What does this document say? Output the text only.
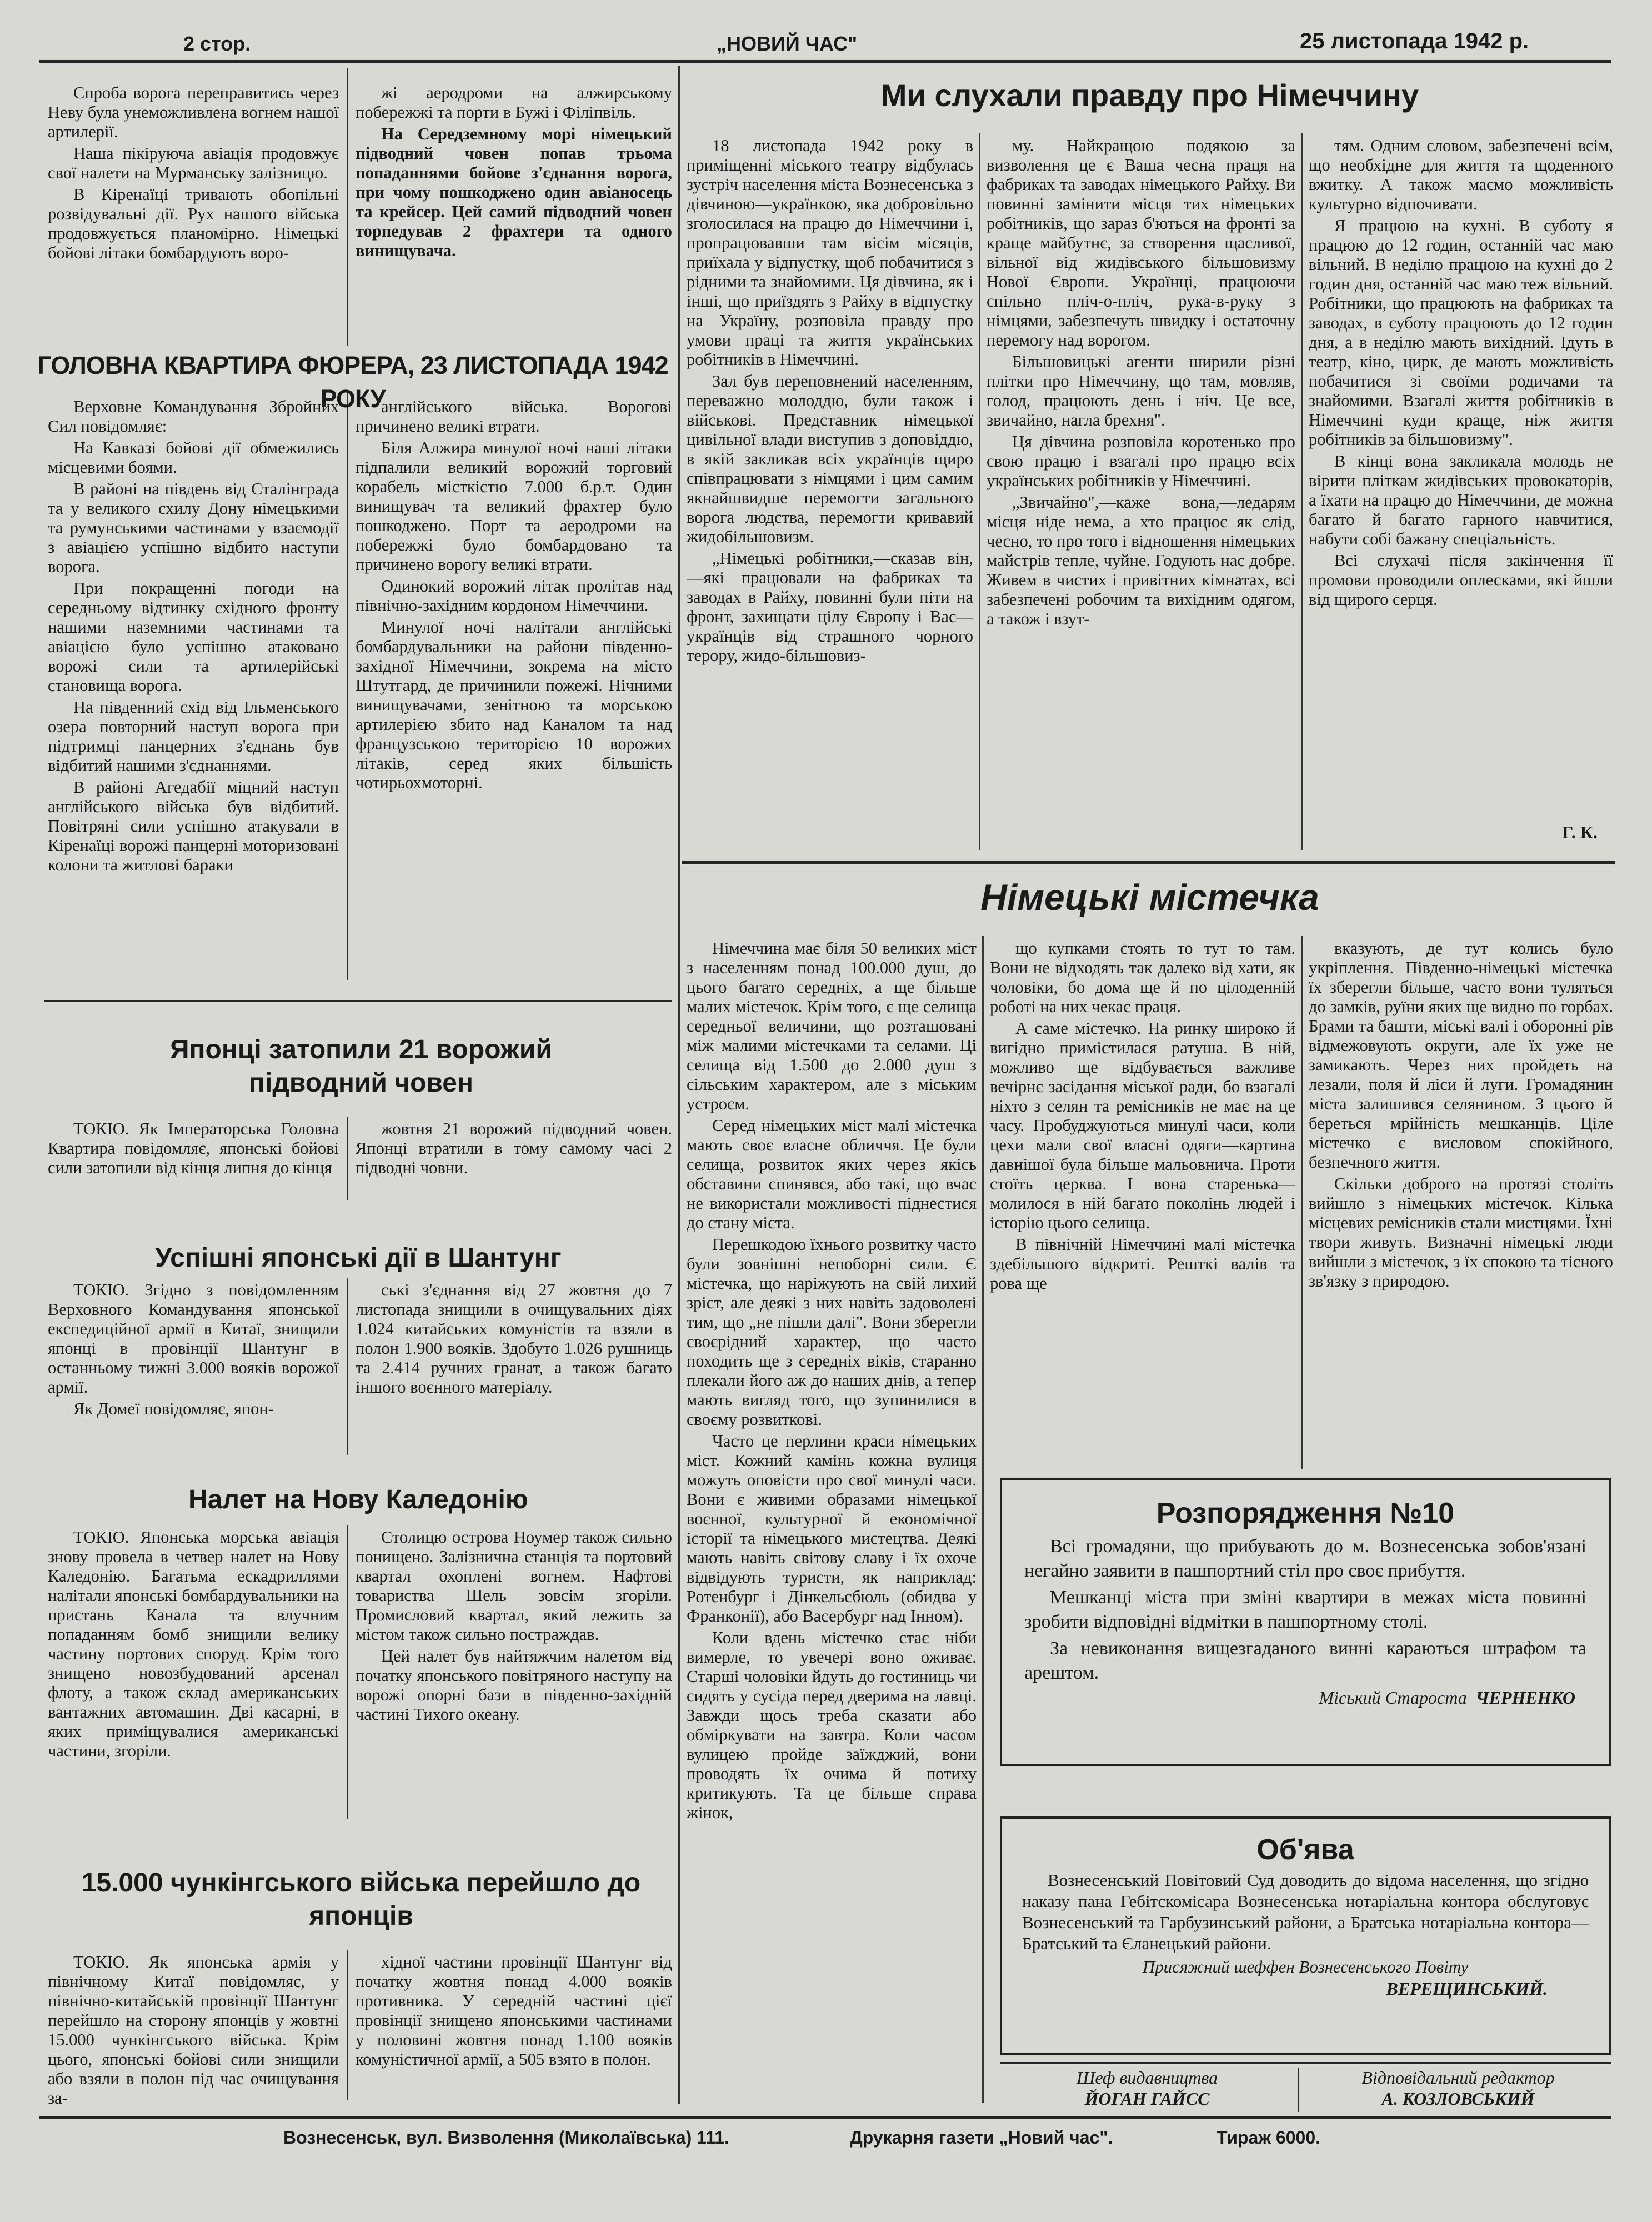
2 стор.	„НОВИЙ ЧАС"	25 листопада 1942 р.

Спроба ворога переправитись через Неву була унеможливлена вогнем нашої артилерії.

Наша пікіруюча авіація продовжує свої налети на Мурманську залізницю.

В Кіренаїці тривають обопільні розвідувальні дії. Рух нашого війська продовжується планомірно. Німецькі бойові літаки бомбардують воро-

жі аеродроми на алжирському побережжі та порти в Бужі і Філіпвіль.

На Середземному морі німецький підводний човен попав трьома попаданнями бойове з'єднання ворога, при чому пошкоджено один авіаносець та крейсер. Цей самий підводний човен торпедував 2 фрахтери та одного винищувача.

ГОЛОВНА КВАРТИРА ФЮРЕРА, 23 ЛИСТОПАДА 1942 РОКУ

Верховне Командування Збройних Сил повідомляє:

На Кавказі бойові дії обмежились місцевими боями.

В районі на південь від Сталінграда та у великого схилу Дону німецькими та румунськими частинами у взаємодії з авіацією успішно відбито наступи ворога.

При покращенні погоди на середньому відтинку східного фронту нашими наземними частинами та авіацією було успішно атаковано ворожі сили та артилерійські становища ворога.

На південний схід від Ільменського озера повторний наступ ворога при підтримці панцерних з'єднань був відбитий нашими з'єднаннями.

В районі Агедабії міцний наступ англійського війська був відбитий. Повітряні сили успішно атакували в Кіренаїці ворожі панцерні моторизовані колони та житлові бараки

англійського війська. Ворогові причинено великі втрати.

Біля Алжира минулої ночі наші літаки підпалили великий ворожий торговий корабель місткістю 7.000 б.р.т. Один винищувач та великий фрахтер було пошкоджено. Порт та аеродроми на побережжі було бомбардовано та причинено ворогу великі втрати.

Одинокий ворожий літак пролітав над північно-західним кордоном Німеччини.

Минулої ночі налітали англійські бомбардувальники на райони південно-західної Німеччини, зокрема на місто Штутгард, де причинили пожежі. Нічними винищувачами, зенітною та морською артилерією збито над Каналом та над французською територією 10 ворожих літаків, серед яких більшість чотирьохмоторні.

Японці затопили 21 ворожий підводний човен

ТОКІО. Як Імператорська Головна Квартира повідомляє, японські бойові сили затопили від кінця липня до кінця

жовтня 21 ворожий підводний човен. Японці втратили в тому самому часі 2 підводні човни.

Успішні японські дії в Шантунг

ТОКІО. Згідно з повідомленням Верховного Командування японської експедиційної армії в Китаї, знищили японці в провінції Шантунг в останньому тижні 3.000 вояків ворожої армії.

Як Домеї повідомляє, япон-

ські з'єднання від 27 жовтня до 7 листопада знищили в очищувальних діях 1.024 китайських комуністів та взяли в полон 1.900 вояків. Здобуто 1.026 рушниць та 2.414 ручних гранат, а також багато іншого воєнного матеріалу.

Налет на Нову Каледонію

ТОКІО. Японська морська авіація знову провела в четвер налет на Нову Каледонію. Багатьма ескадриллями налітали японські бомбардувальники на пристань Канала та влучним попаданням бомб знищили велику частину портових споруд. Крім того знищено новозбудований арсенал флоту, а також склад американських вантажних автомашин. Дві касарні, в яких приміщувалися американські частини, згоріли.

Столицю острова Ноумер також сильно понищено. Залізнична станція та портовий квартал охоплені вогнем. Нафтові товариства Шель зовсім згоріли. Промисловий квартал, який лежить за містом також сильно постраждав.

Цей налет був найтяжчим налетом від початку японського повітряного наступу на ворожі опорні бази в південно-західній частині Тихого океану.

15.000 чункінгського війська перейшло до японців

ТОКІО. Як японська армія у північному Китаї повідомляє, у північно-китайській провінції Шантунг перейшло на сторону японців у жовтні 15.000 чункінгського війська. Крім цього, японські бойові сили знищили або взяли в полон під час очищування за-

хідної частини провінції Шантунг від початку жовтня понад 4.000 вояків противника. У середній частині цієї провінції знищено японськими частинами у половині жовтня понад 1.100 вояків комуністичної армії, а 505 взято в полон.

Ми слухали правду про Німеччину

18 листопада 1942 року в приміщенні міського театру відбулась зустріч населення міста Вознесенська з дівчиною—українкою, яка добровільно зголосилася на працю до Німеччини і, пропрацювавши там вісім місяців, приїхала у відпустку, щоб побачитися з рідними та знайомими. Ця дівчина, як і інші, що приїздять з Райху в відпустку на Україну, розповіла правду про умови праці та життя українських робітників в Німеччині.

Зал був переповнений населенням, переважно молоддю, були також і військові. Представник німецької цивільної влади виступив з доповіддю, в якій закликав всіх українців щиро співпрацювати з німцями і цим самим якнайшвидше перемогти загального ворога людства, перемогти кривавий жидобільшовизм.

„Німецькі робітники,—сказав він,—які працювали на фабриках та заводах в Райху, повинні були піти на фронт, захищати цілу Європу і Вас—українців від страшного чорного терору, жидо-більшовиз-

му. Найкращою подякою за визволення це є Ваша чесна праця на фабриках та заводах німецького Райху. Ви повинні замінити місця тих німецьких робітників, що зараз б'ються на фронті за краще майбутнє, за створення щасливої, вільної від жидівського більшовизму Нової Європи. Українці, працюючи спільно пліч-о-пліч, рука-в-руку з німцями, забезпечуть швидку і остаточну перемогу над ворогом.

Більшовицькі агенти ширили різні плітки про Німеччину, що там, мовляв, голод, працюють день і ніч. Це все, звичайно, нагла брехня".

Ця дівчина розповіла коротенько про свою працю і взагалі про працю всіх українських робітників у Німеччині.

„Звичайно",—каже вона,—ледарям місця ніде нема, а хто працює як слід, чесно, то про того і відношення німецьких майстрів тепле, чуйне. Годують нас добре. Живем в чистих і привітних кімнатах, всі забезпечені робочим та вихідним одягом, а також і взут-

тям. Одним словом, забезпечені всім, що необхідне для життя та щоденного вжитку. А також маємо можливість культурно відпочивати.

Я працюю на кухні. В суботу я працюю до 12 годин, останній час маю вільний. В неділю працюю на кухні до 2 годин дня, останній час маю теж вільний. Робітники, що працюють на фабриках та заводах, в суботу працюють до 12 годин дня, а в неділю мають вихідний. Ідуть в театр, кіно, цирк, де мають можливість побачитися зі своїми родичами та знайомими. Взагалі життя робітників в Німеччині куди краще, ніж життя робітників за більшовизму".

В кінці вона закликала молодь не вірити пліткам жидівських провокаторів, а їхати на працю до Німеччини, де можна багато й багато гарного навчитися, набути собі бажану спеціальність.

Всі слухачі після закінчення її промови проводили оплесками, які йшли від щирого серця.

Г. К.
Німецькі містечка

Німеччина має біля 50 великих міст з населенням понад 100.000 душ, до цього багато середніх, а ще більше малих містечок. Крім того, є ще селища середньої величини, що розташовані між малими містечками та селами. Ці селища від 1.500 до 2.000 душ з сільським характером, але з міським устроєм.

Серед німецьких міст малі містечка мають своє власне обличчя. Це були селища, розвиток яких через якісь обставини спинявся, або такі, що вчас не використали можливості піднестися до стану міста.

Перешкодою їхнього розвитку часто були зовнішні непоборні сили. Є містечка, що наріжують на свій лихий зріст, але деякі з них навіть задоволені тим, що „не пішли далі". Вони зберегли своєрідний характер, що часто походить ще з середніх віків, старанно плекали його аж до наших днів, а тепер мають вигляд того, що зупинилися в своєму розвиткові.

Часто це перлини краси німецьких міст. Кожний камінь кожна вулиця можуть оповісти про свої минулі часи. Вони є живими образами німецької воєнної, культурної й економічної історії та німецького мистецтва. Деякі мають навіть світову славу і їх охоче відвідують туристи, як наприклад: Ротенбург і Дінкельсбюль (обидва у Франконії), або Васербург над Інном).

Коли вдень містечко стає ніби вимерле, то увечері воно оживає. Старші чоловіки йдуть до гостиниць чи сидять у сусіда перед дверима на лавці. Завжди щось треба сказати або обміркувати на завтра. Коли часом вулицею пройде заїжджий, вони проводять їх очима й потиху критикують. Та це більше справа жінок,

що купками стоять то тут то там. Вони не відходять так далеко від хати, як чоловіки, бо дома ще й по цілоденній роботі на них чекає праця.

А саме містечко. На ринку широко й вигідно примістилася ратуша. В ній, можливо ще відбувається важливе вечірнє засідання міської ради, бо взагалі ніхто з селян та ремісників не має на це часу. Пробуджуються минулі часи, коли цехи мали свої власні одяги—картина давнішої була більше мальовнича. Проти стоїть церква. І вона старенька—молилося в ній багато поколінь людей і історію цього селища.

В північній Німеччині малі містечка здебільшого відкриті. Решткі валів та рова ще

вказують, де тут колись було укріплення. Південно-німецькі містечка їх зберегли більше, часто вони туляться до замків, руїни яких ще видно по горбах. Брами та башти, міські валі і оборонні рів відмежовують округи, але їх уже не замикають. Через них пройдеть на лезали, поля й ліси й луги. Громадянин міста залишився селянином. З цього й береться мрійність мешканців. Ціле містечко є висловом спокійного, безпечного життя.

Скільки доброго на протязі століть вийшло з німецьких містечок. Кілька місцевих ремісників стали мистцями. Їхні твори живуть. Визначні німецькі люди вийшли з містечок, з їх спокою та тісного зв'язку з природою.

Розпорядження №10

Всі громадяни, що прибувають до м. Вознесенська зобов'язані негайно заявити в пашпортний стіл про своє прибуття.

Мешканці міста при зміні квартири в межах міста повинні зробити відповідні відмітки в пашпортному столі.

За невиконання вищезгаданого винні караються штрафом та арештом.

Міський Староста ЧЕРНЕНКО
Об'ява

Вознесенський Повітовий Суд доводить до відома населення, що згідно наказу пана Гебітскомісара Вознесенська нотаріальна контора обслуговує Вознесенський та Гарбузинський райони, а Братська нотаріальна контора—Братський та Єланецький райони.

Присяжний шеффен Вознесенського Повіту
ВЕРЕЩИНСЬКИЙ.
Шеф видавництва
ЙОГАН ГАЙСС
Відповідальний редактор
А. КОЗЛОВСЬКИЙ
Вознесенськ, вул. Визволення (Миколаївська) 111.	Друкарня газети „Новий час".	Тираж 6000.
